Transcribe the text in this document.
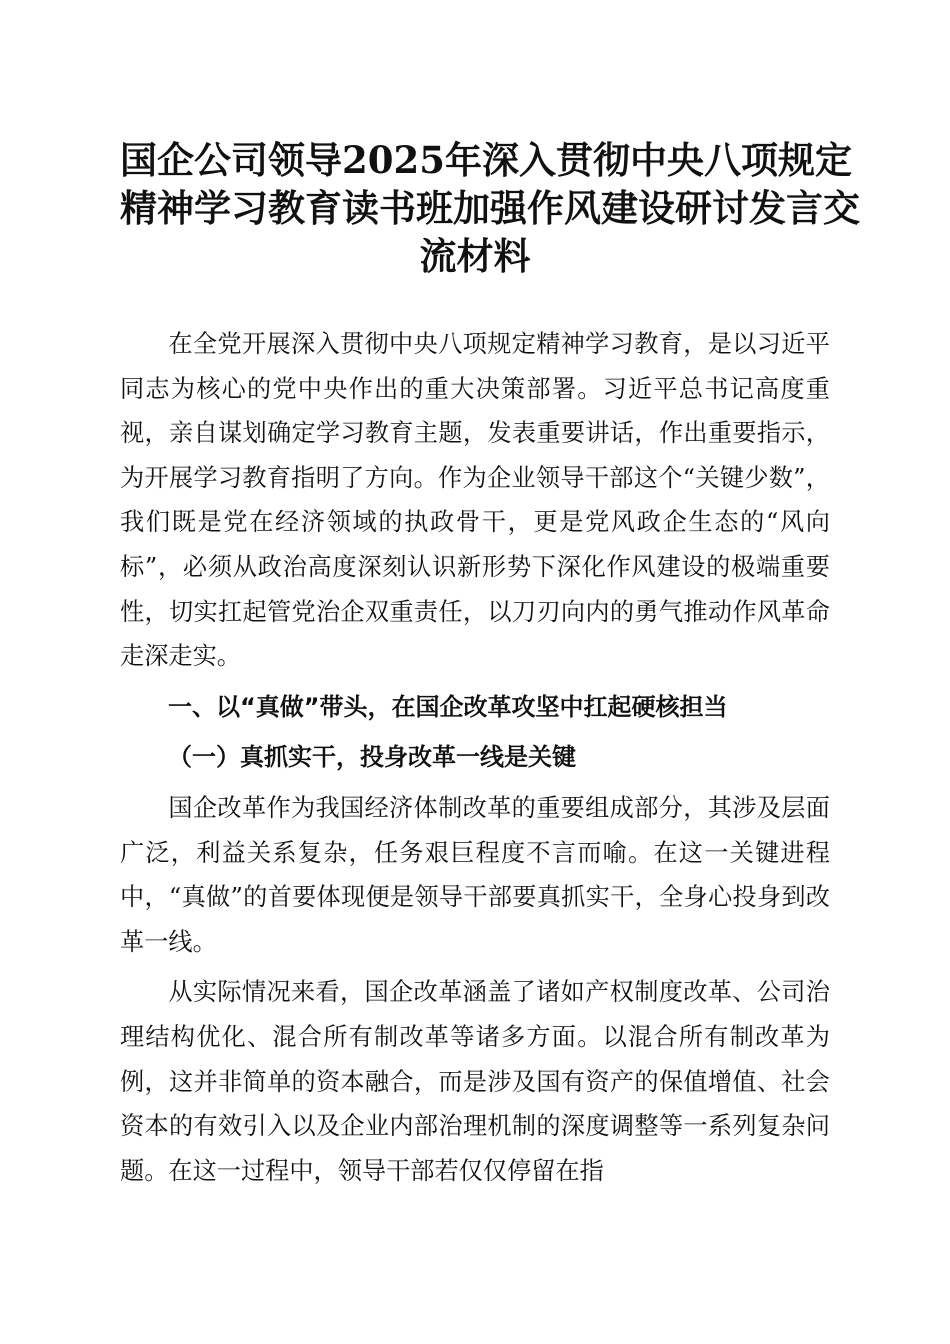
国企公司领导2025年深入贯彻中央八项规定
精神学习教育读书班加强作风建设研讨发言交
流材料

在全党开展深入贯彻中央八项规定精神学习教育，是以习近平同志为核心的党中央作出的重大决策部署。习近平总书记高度重视，亲自谋划确定学习教育主题，发表重要讲话，作出重要指示，为开展学习教育指明了方向。作为企业领导干部这个“关键少数”，我们既是党在经济领域的执政骨干，更是党风政企生态的“风向标”，必须从政治高度深刻认识新形势下深化作风建设的极端重要性，切实扛起管党治企双重责任，以刀刃向内的勇气推动作风革命走深走实。

一、以“真做”带头，在国企改革攻坚中扛起硬核担当

（一）真抓实干，投身改革一线是关键

国企改革作为我国经济体制改革的重要组成部分，其涉及层面广泛，利益关系复杂，任务艰巨程度不言而喻。在这一关键进程中，“真做”的首要体现便是领导干部要真抓实干，全身心投身到改革一线。

从实际情况来看，国企改革涵盖了诸如产权制度改革、公司治理结构优化、混合所有制改革等诸多方面。以混合所有制改革为例，这并非简单的资本融合，而是涉及国有资产的保值增值、社会资本的有效引入以及企业内部治理机制的深度调整等一系列复杂问题。在这一过程中，领导干部若仅仅停留在指
